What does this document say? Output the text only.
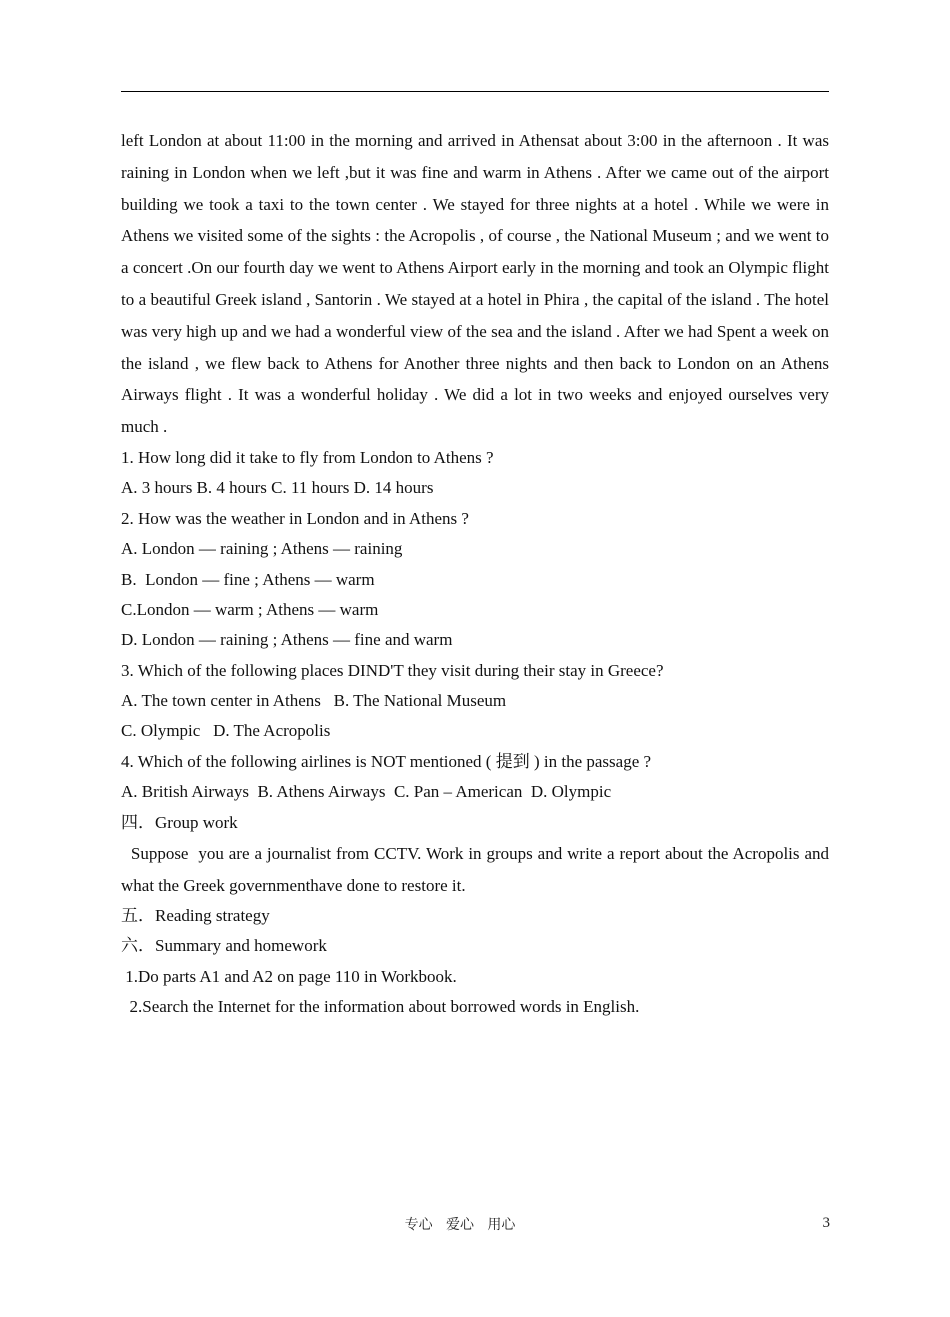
left London at about 11:00 in the morning and arrived in Athensat about 3:00 in the afternoon . It was raining in London when we left ,but it was fine and warm in Athens . After we came out of the airport building we took a taxi to the town center . We stayed for three nights at a hotel . While we were in Athens we visited some of the sights : the Acropolis , of course , the National Museum ; and we went to a concert .On our fourth day we went to Athens Airport early in the morning and took an Olympic flight to a beautiful Greek island , Santorin . We stayed at a hotel in Phira , the capital of the island . The hotel was very high up and we had a wonderful view of the sea and the island . After we had Spent a week on the island , we flew back to Athens for Another three nights and then back to London on an Athens Airways flight . It was a wonderful holiday . We did a lot in two weeks and enjoyed ourselves very much .

1. How long did it take to fly from London to Athens ?

A. 3 hours B. 4 hours C. 11 hours D. 14 hours

2. How was the weather in London and in Athens ?

A. London — raining ; Athens — raining

B.  London — fine ; Athens — warm

C.London — warm ; Athens — warm

D. London — raining ; Athens — fine and warm

3. Which of the following places DIND'T they visit during their stay in Greece?

A. The town center in Athens   B. The National Museum

C. Olympic   D. The Acropolis

4. Which of the following airlines is NOT mentioned ( 提到 ) in the passage ?

A. British Airways  B. Athens Airways  C. Pan – American  D. Olympic

四．Group work

Suppose  you are a journalist from CCTV. Work in groups and write a report about the Acropolis and what the Greek governmenthave done to restore it.

五．Reading strategy

六．Summary and homework

1.Do parts A1 and A2 on page 110 in Workbook.

2.Search the Internet for the information about borrowed words in English.

专心   爱心   用心	3
